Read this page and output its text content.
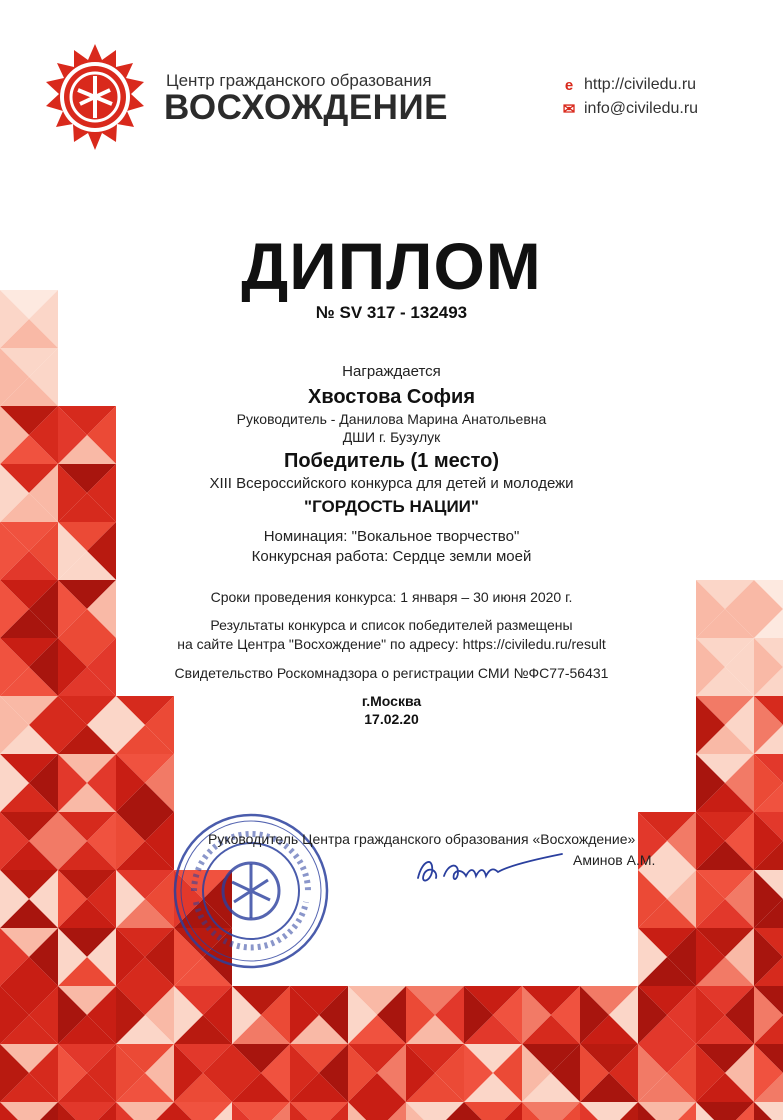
Центр гражданского образования
ВОСХОЖДЕНИЕ
e http://civiledu.ru
✉ info@civiledu.ru
ДИПЛОМ
№ SV 317 - 132493
Награждается
Хвостова София
Руководитель - Данилова Марина Анатольевна
ДШИ г. Бузулук
Победитель (1 место)
XIII Всероссийского конкурса для детей и молодежи
"ГОРДОСТЬ НАЦИИ"
Номинация: "Вокальное творчество"
Конкурсная работа: Сердце земли моей
Сроки проведения конкурса: 1 января – 30 июня 2020 г.
Результаты конкурса и список победителей размещены
на сайте Центра "Восхождение" по адресу: https://civiledu.ru/result
Свидетельство Роскомнадзора о регистрации СМИ №ФС77-56431
г.Москва
17.02.20
Руководитель Центра гражданского образования «Восхождение»
Аминов А.М.
